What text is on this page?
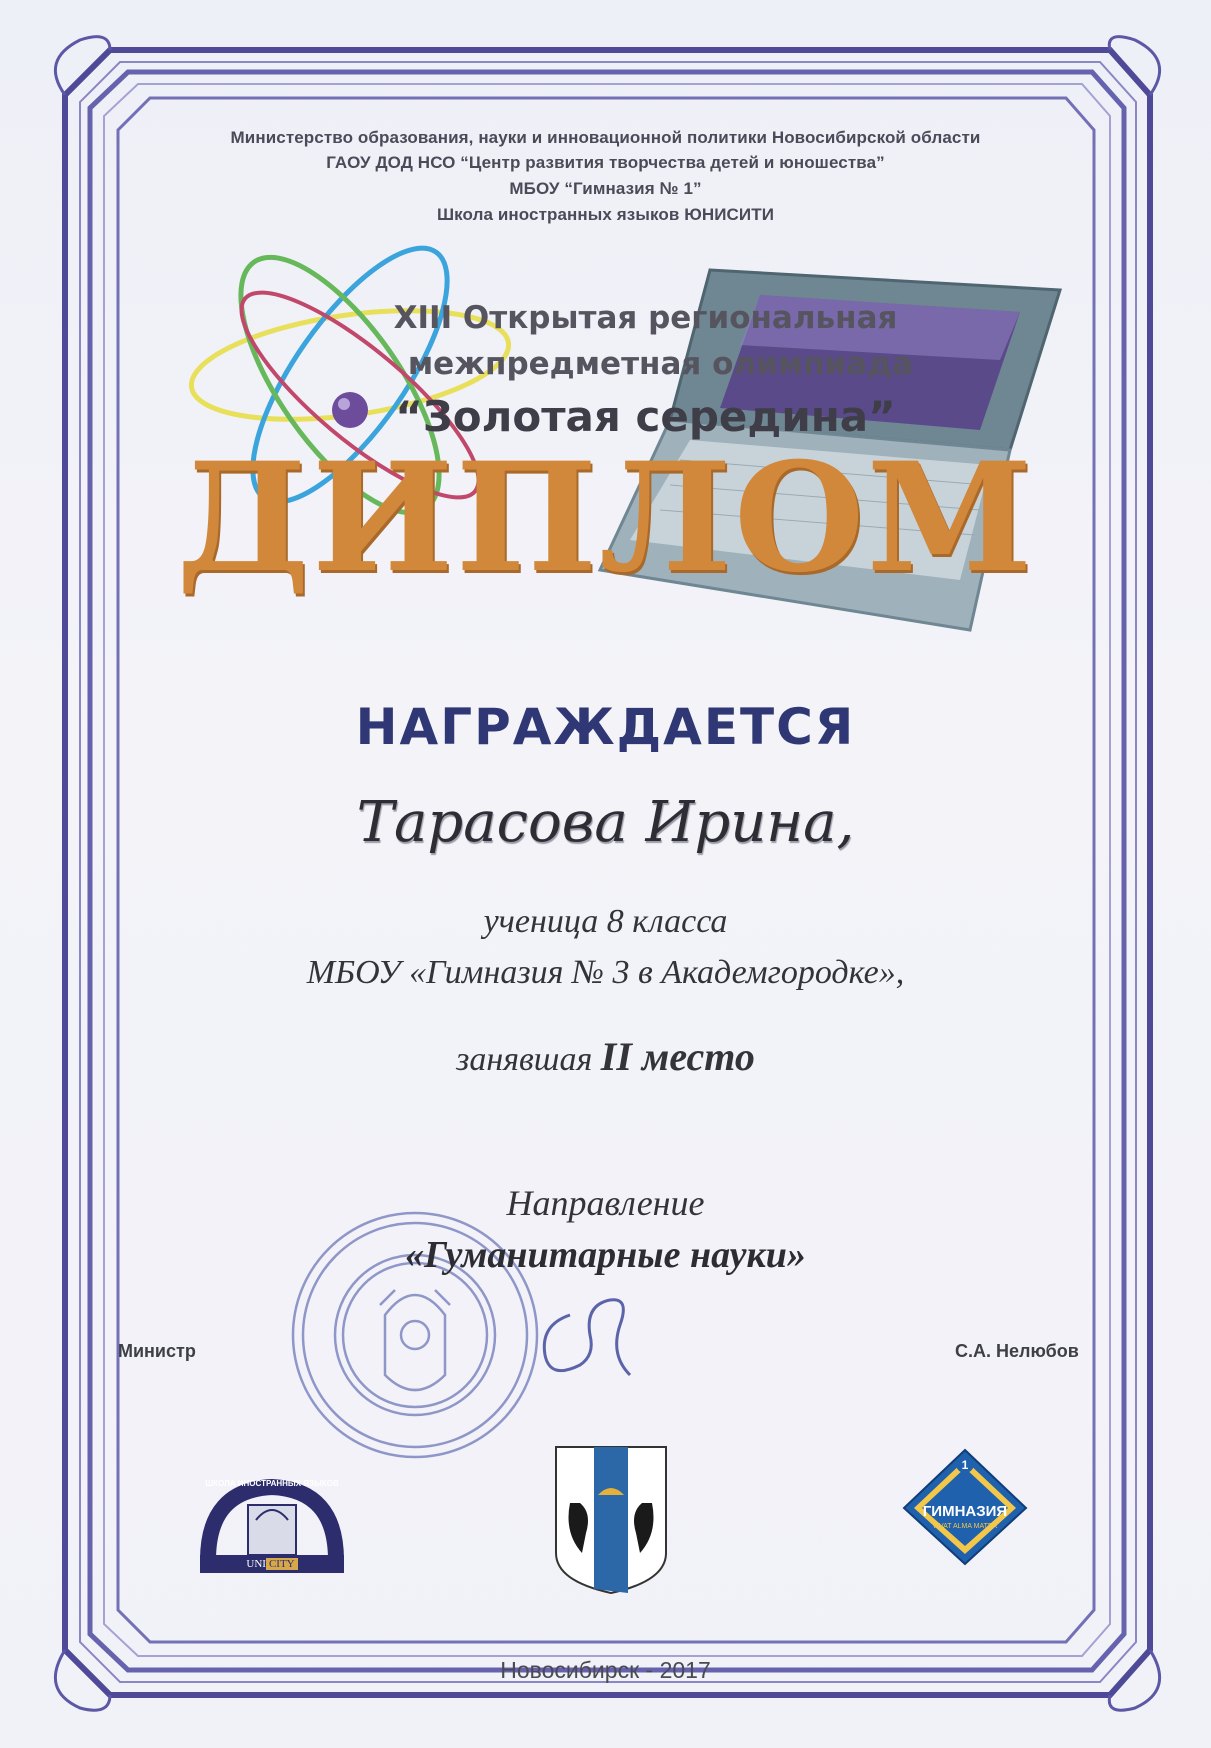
Министерство образования, науки и инновационной политики Новосибирской области
ГАОУ ДОД НСО “Центр развития творчества детей и юношества”
МБОУ “Гимназия № 1”
Школа иностранных языков ЮНИСИТИ
XIII Открытая региональная
межпредметная олимпиада
“Золотая середина”
ДИПЛОМ
НАГРАЖДАЕТСЯ
Тарасова Ирина,
ученица 8 класса
МБОУ «Гимназия № 3 в Академгородке»,
занявшая II место
Направление
«Гуманитарные науки»
Министр	С.А. Нелюбов
ШКОЛА ИНОСТРАННЫХ ЯЗЫКОВ
UNI CITY
1
ГИМНАЗИЯ
VIVAT ALMA MATER
Новосибирск - 2017
